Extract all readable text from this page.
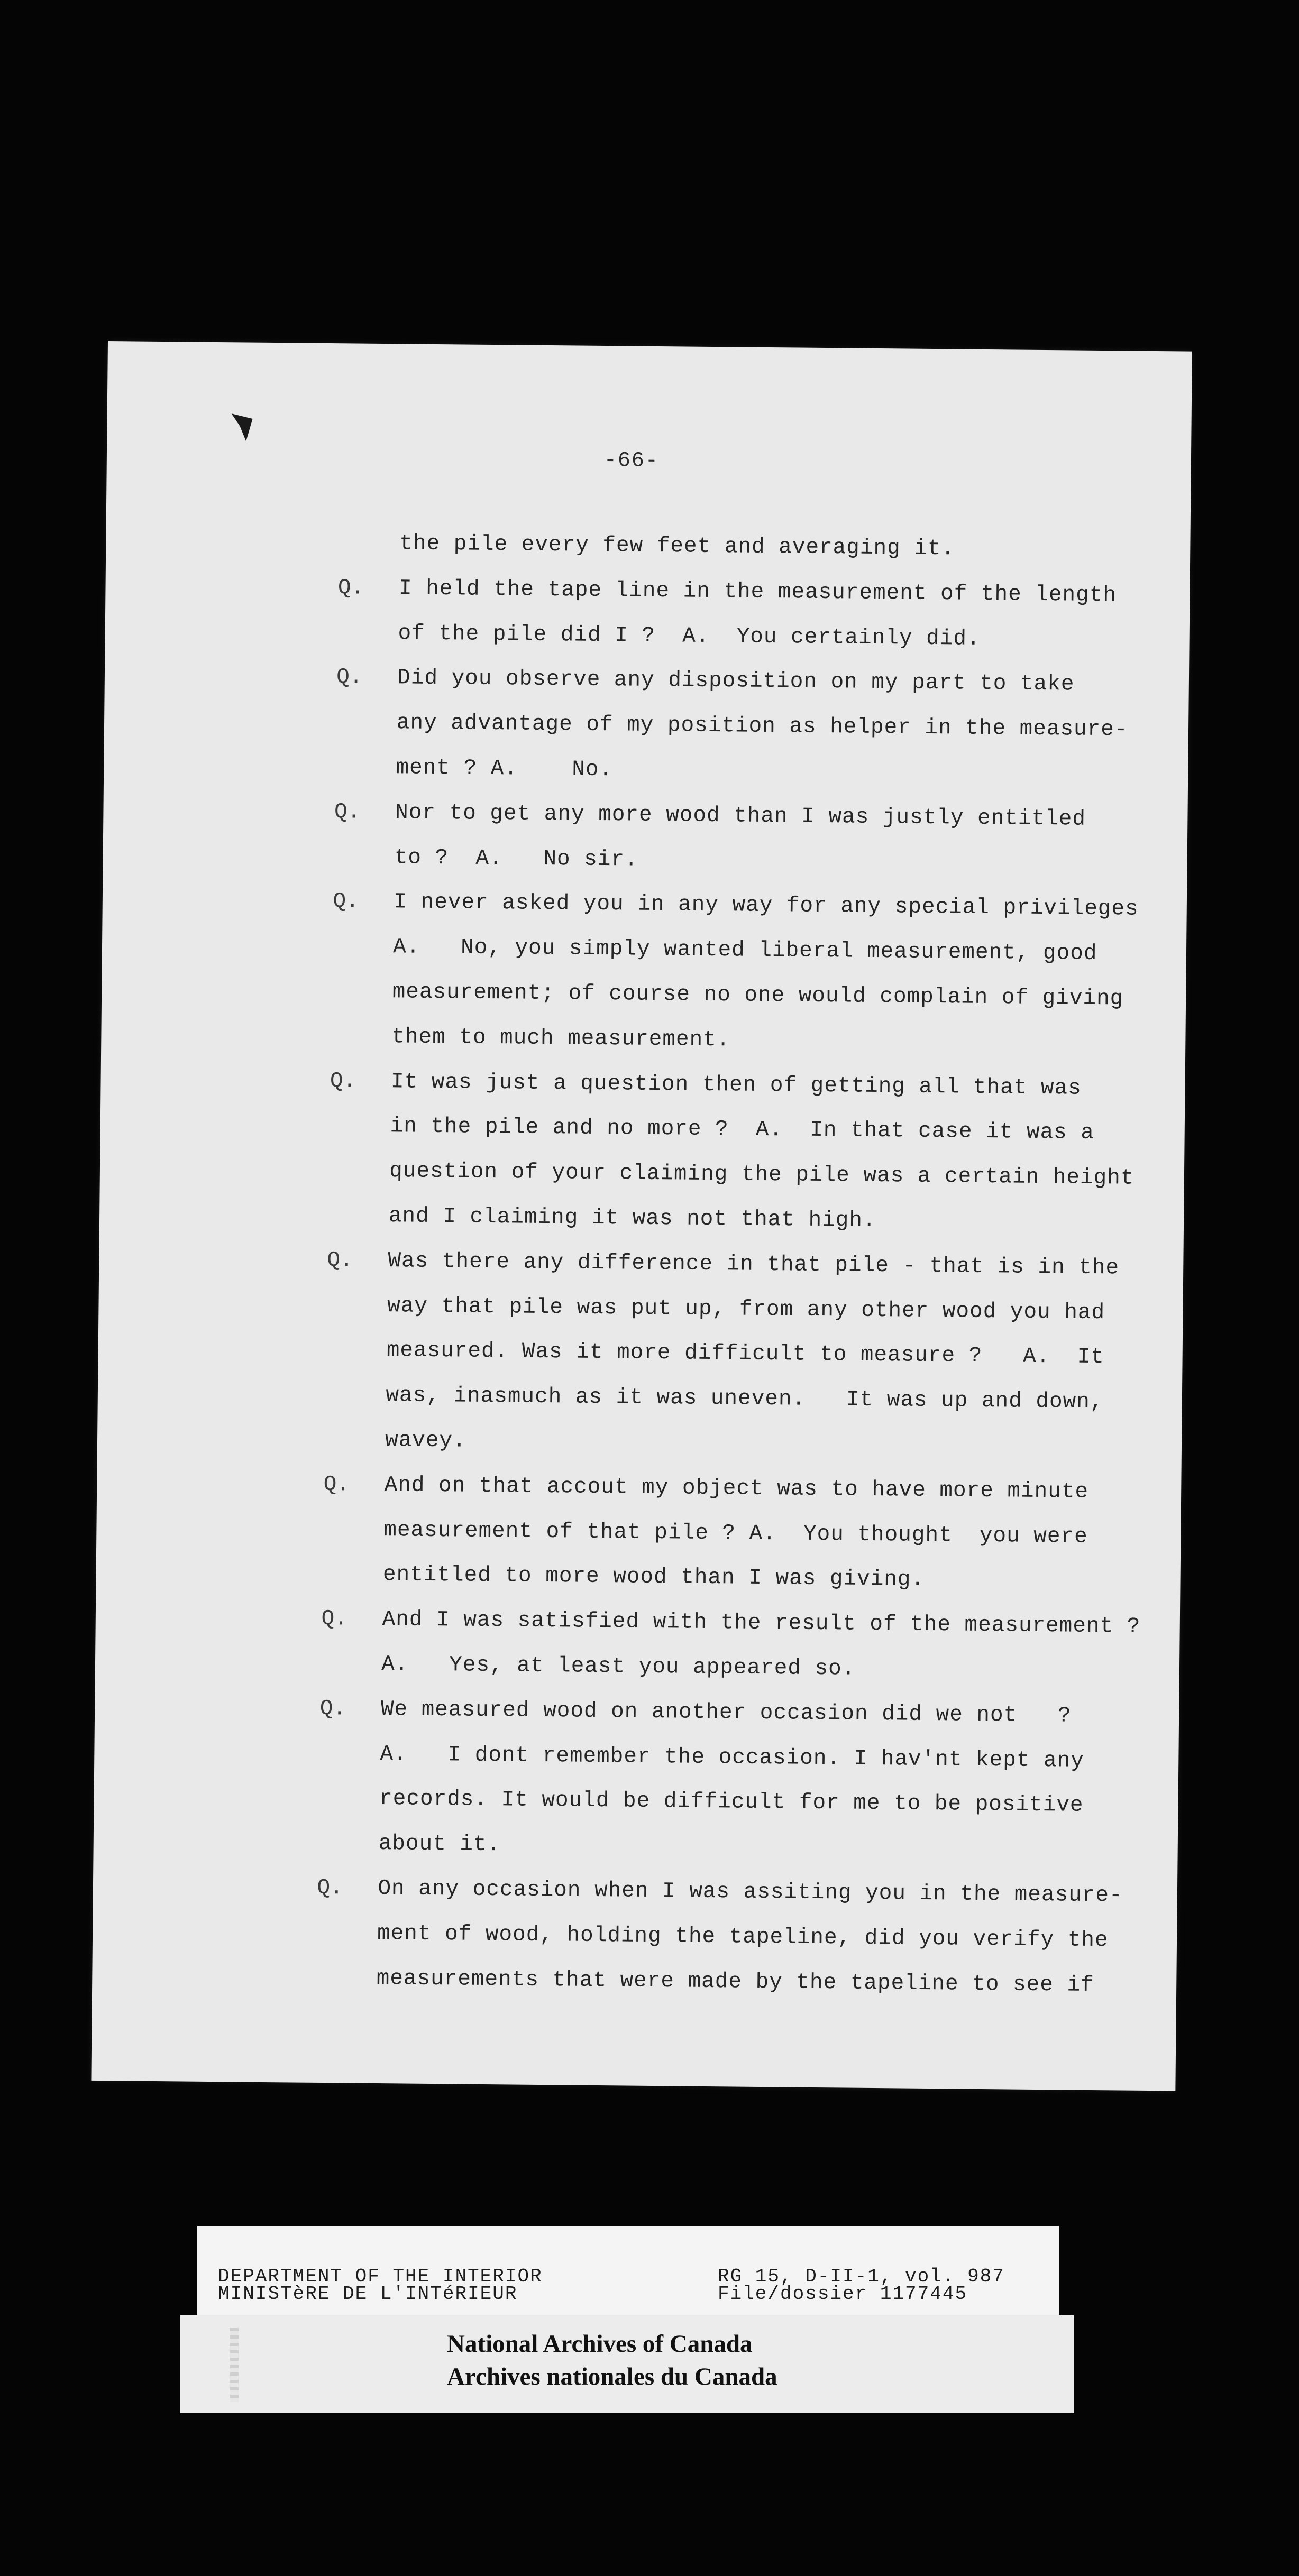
-66-
the pile every few feet and averaging it.
Q. I held the tape line in the measurement of the length
of the pile did I ?  A.  You certainly did.
Q. Did you observe any disposition on my part to take
any advantage of my position as helper in the measure-
ment ? A.    No.
Q. Nor to get any more wood than I was justly entitled
to ?  A.   No sir.
Q. I never asked you in any way for any special privileges
A.   No, you simply wanted liberal measurement, good
measurement; of course no one would complain of giving
them to much measurement.
Q. It was just a question then of getting all that was
in the pile and no more ?  A.  In that case it was a
question of your claiming the pile was a certain height
and I claiming it was not that high.
Q. Was there any difference in that pile - that is in the
way that pile was put up, from any other wood you had
measured. Was it more difficult to measure ?   A.  It
was, inasmuch as it was uneven.   It was up and down,
wavey.
Q. And on that accout my object was to have more minute
measurement of that pile ? A.  You thought  you were
entitled to more wood than I was giving.
Q. And I was satisfied with the result of the measurement ?
A.   Yes, at least you appeared so.
Q. We measured wood on another occasion did we not   ?
A.   I dont remember the occasion. I hav'nt kept any
records. It would be difficult for me to be positive
about it.
Q. On any occasion when I was assiting you in the measure-
ment of wood, holding the tapeline, did you verify the
measurements that were made by the tapeline to see if
DEPARTMENT OF THE INTERIOR
MINISTèRE DE L'INTéRIEUR
RG 15, D-II-1, vol. 987
File/dossier 1177445
National Archives of Canada
Archives nationales du Canada
